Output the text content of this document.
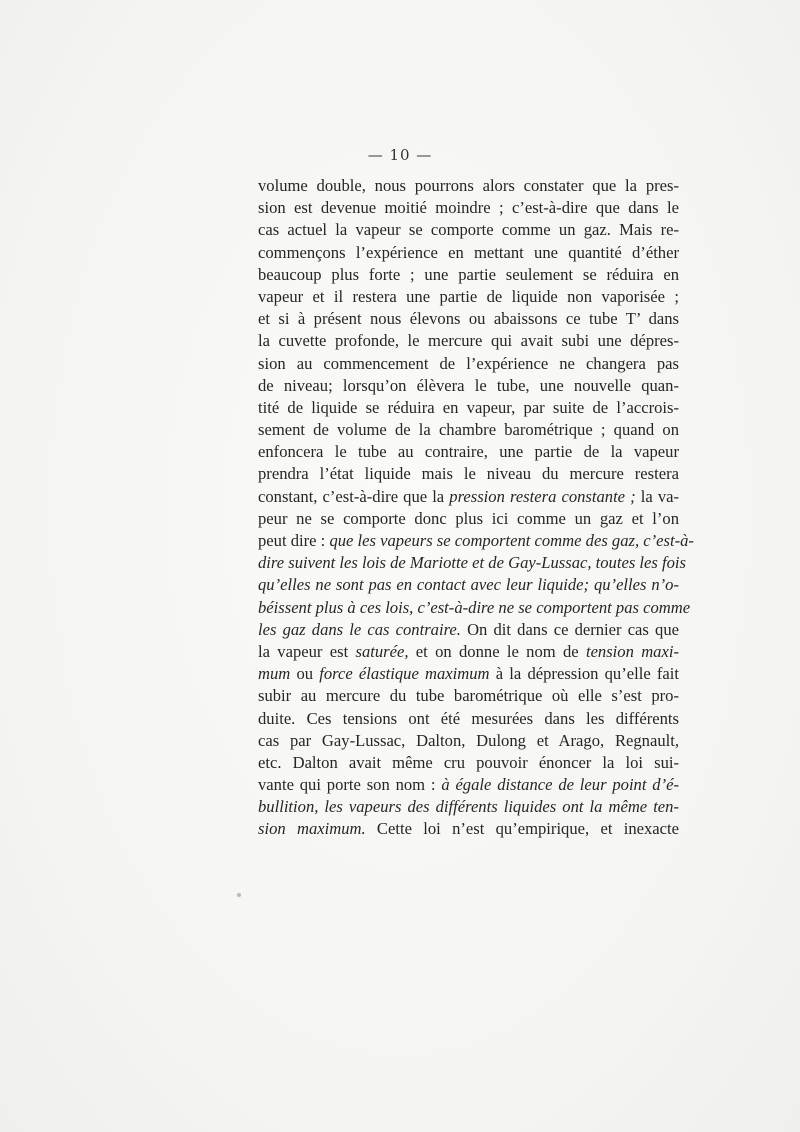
— 10 —
volume double, nous pourrons alors constater que la pres-
sion est devenue moitié moindre ; c’est-à-dire que dans le
cas actuel la vapeur se comporte comme un gaz. Mais re-
commençons l’expérience en mettant une quantité d’éther
beaucoup plus forte ; une partie seulement se réduira en
vapeur et il restera une partie de liquide non vaporisée ;
et si à présent nous élevons ou abaissons ce tube T’ dans
la cuvette profonde, le mercure qui avait subi une dépres-
sion au commencement de l’expérience ne changera pas
de niveau; lorsqu’on élèvera le tube, une nouvelle quan-
tité de liquide se réduira en vapeur, par suite de l’accrois-
sement de volume de la chambre barométrique ; quand on
enfoncera le tube au contraire, une partie de la vapeur
prendra l’état liquide mais le niveau du mercure restera
constant, c’est-à-dire que la pression restera constante ; la va-
peur ne se comporte donc plus ici comme un gaz et l’on
peut dire : que les vapeurs se comportent comme des gaz, c’est-à-
dire suivent les lois de Mariotte et de Gay-Lussac, toutes les fois
qu’elles ne sont pas en contact avec leur liquide; qu’elles n’o-
béissent plus à ces lois, c’est-à-dire ne se comportent pas comme
les gaz dans le cas contraire. On dit dans ce dernier cas que
la vapeur est saturée, et on donne le nom de tension maxi-
mum ou force élastique maximum à la dépression qu’elle fait
subir au mercure du tube barométrique où elle s’est pro-
duite. Ces tensions ont été mesurées dans les différents
cas par Gay-Lussac, Dalton, Dulong et Arago, Regnault,
etc. Dalton avait même cru pouvoir énoncer la loi sui-
vante qui porte son nom : à égale distance de leur point d’é-
bullition, les vapeurs des différents liquides ont la même ten-
sion maximum. Cette loi n’est qu’empirique, et inexacte
